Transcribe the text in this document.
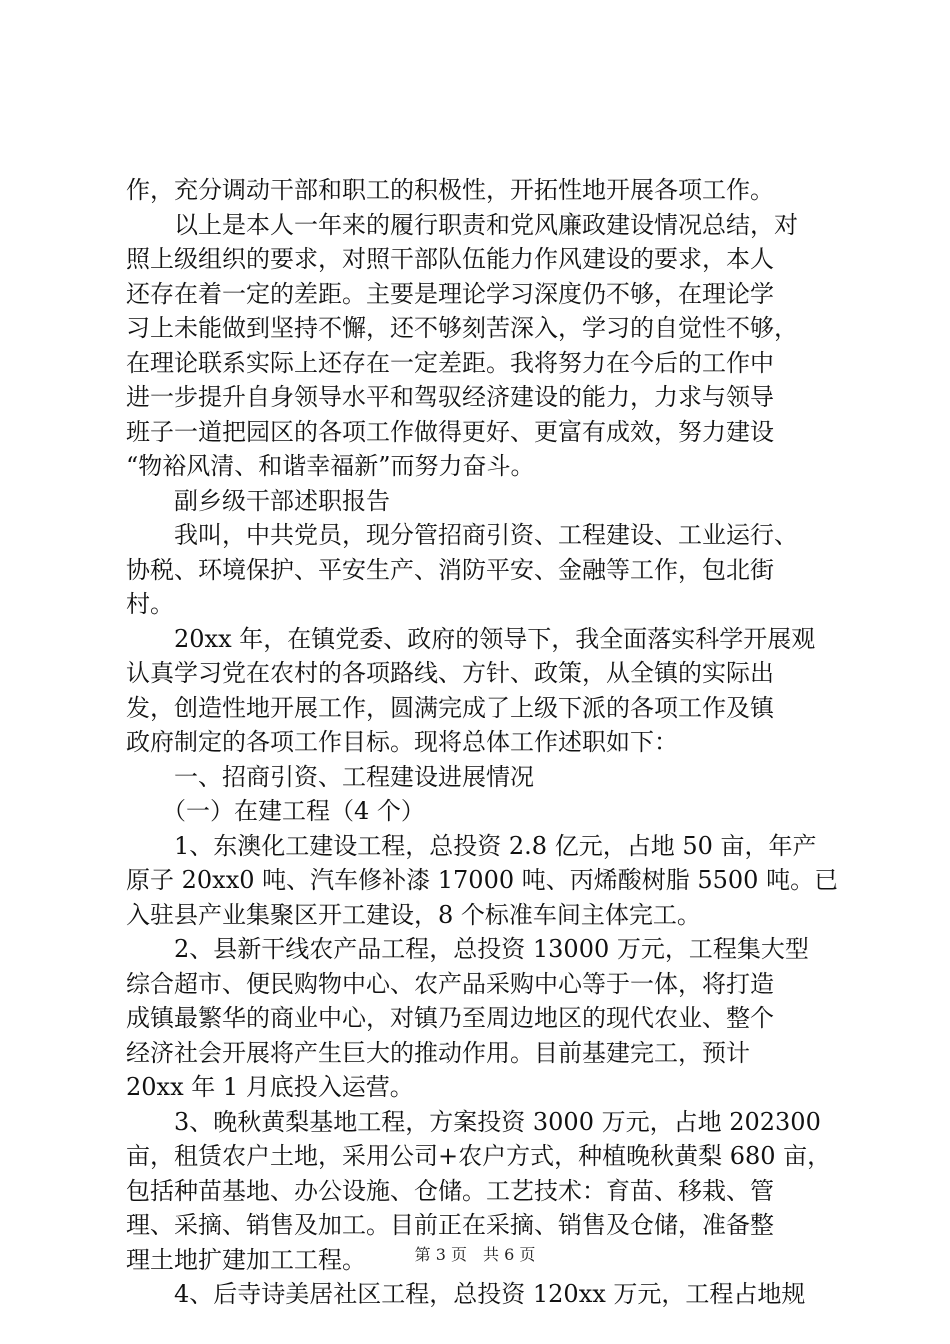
作，充分调动干部和职工的积极性，开拓性地开展各项工作。
　　以上是本人一年来的履行职责和党风廉政建设情况总结，对
照上级组织的要求，对照干部队伍能力作风建设的要求，本人
还存在着一定的差距。主要是理论学习深度仍不够，在理论学
习上未能做到坚持不懈，还不够刻苦深入，学习的自觉性不够，
在理论联系实际上还存在一定差距。我将努力在今后的工作中
进一步提升自身领导水平和驾驭经济建设的能力，力求与领导
班子一道把园区的各项工作做得更好、更富有成效，努力建设
“物裕风清、和谐幸福新”而努力奋斗。
　　副乡级干部述职报告
　　我叫，中共党员，现分管招商引资、工程建设、工业运行、
协税、环境保护、平安生产、消防平安、金融等工作，包北街
村。
　　20xx 年，在镇党委、政府的领导下，我全面落实科学开展观
认真学习党在农村的各项路线、方针、政策，从全镇的实际出
发，创造性地开展工作，圆满完成了上级下派的各项工作及镇
政府制定的各项工作目标。现将总体工作述职如下：
　　一、招商引资、工程建设进展情况
　　（一）在建工程（4 个）
　　1、东澳化工建设工程，总投资 2.8 亿元，占地 50 亩，年产
原子 20xx0 吨、汽车修补漆 17000 吨、丙烯酸树脂 5500 吨。已
入驻县产业集聚区开工建设，8 个标准车间主体完工。
　　2、县新干线农产品工程，总投资 13000 万元，工程集大型
综合超市、便民购物中心、农产品采购中心等于一体，将打造
成镇最繁华的商业中心，对镇乃至周边地区的现代农业、整个
经济社会开展将产生巨大的推动作用。目前基建完工，预计
20xx 年 1 月底投入运营。
　　3、晚秋黄梨基地工程，方案投资 3000 万元，占地 202300
亩，租赁农户土地，采用公司+农户方式，种植晚秋黄梨 680 亩，
包括种苗基地、办公设施、仓储。工艺技术：育苗、移栽、管
理、采摘、销售及加工。目前正在采摘、销售及仓储，准备整
理土地扩建加工工程。
　　4、后寺诗美居社区工程，总投资 120xx 万元，工程占地规
第 3 页　共 6 页
